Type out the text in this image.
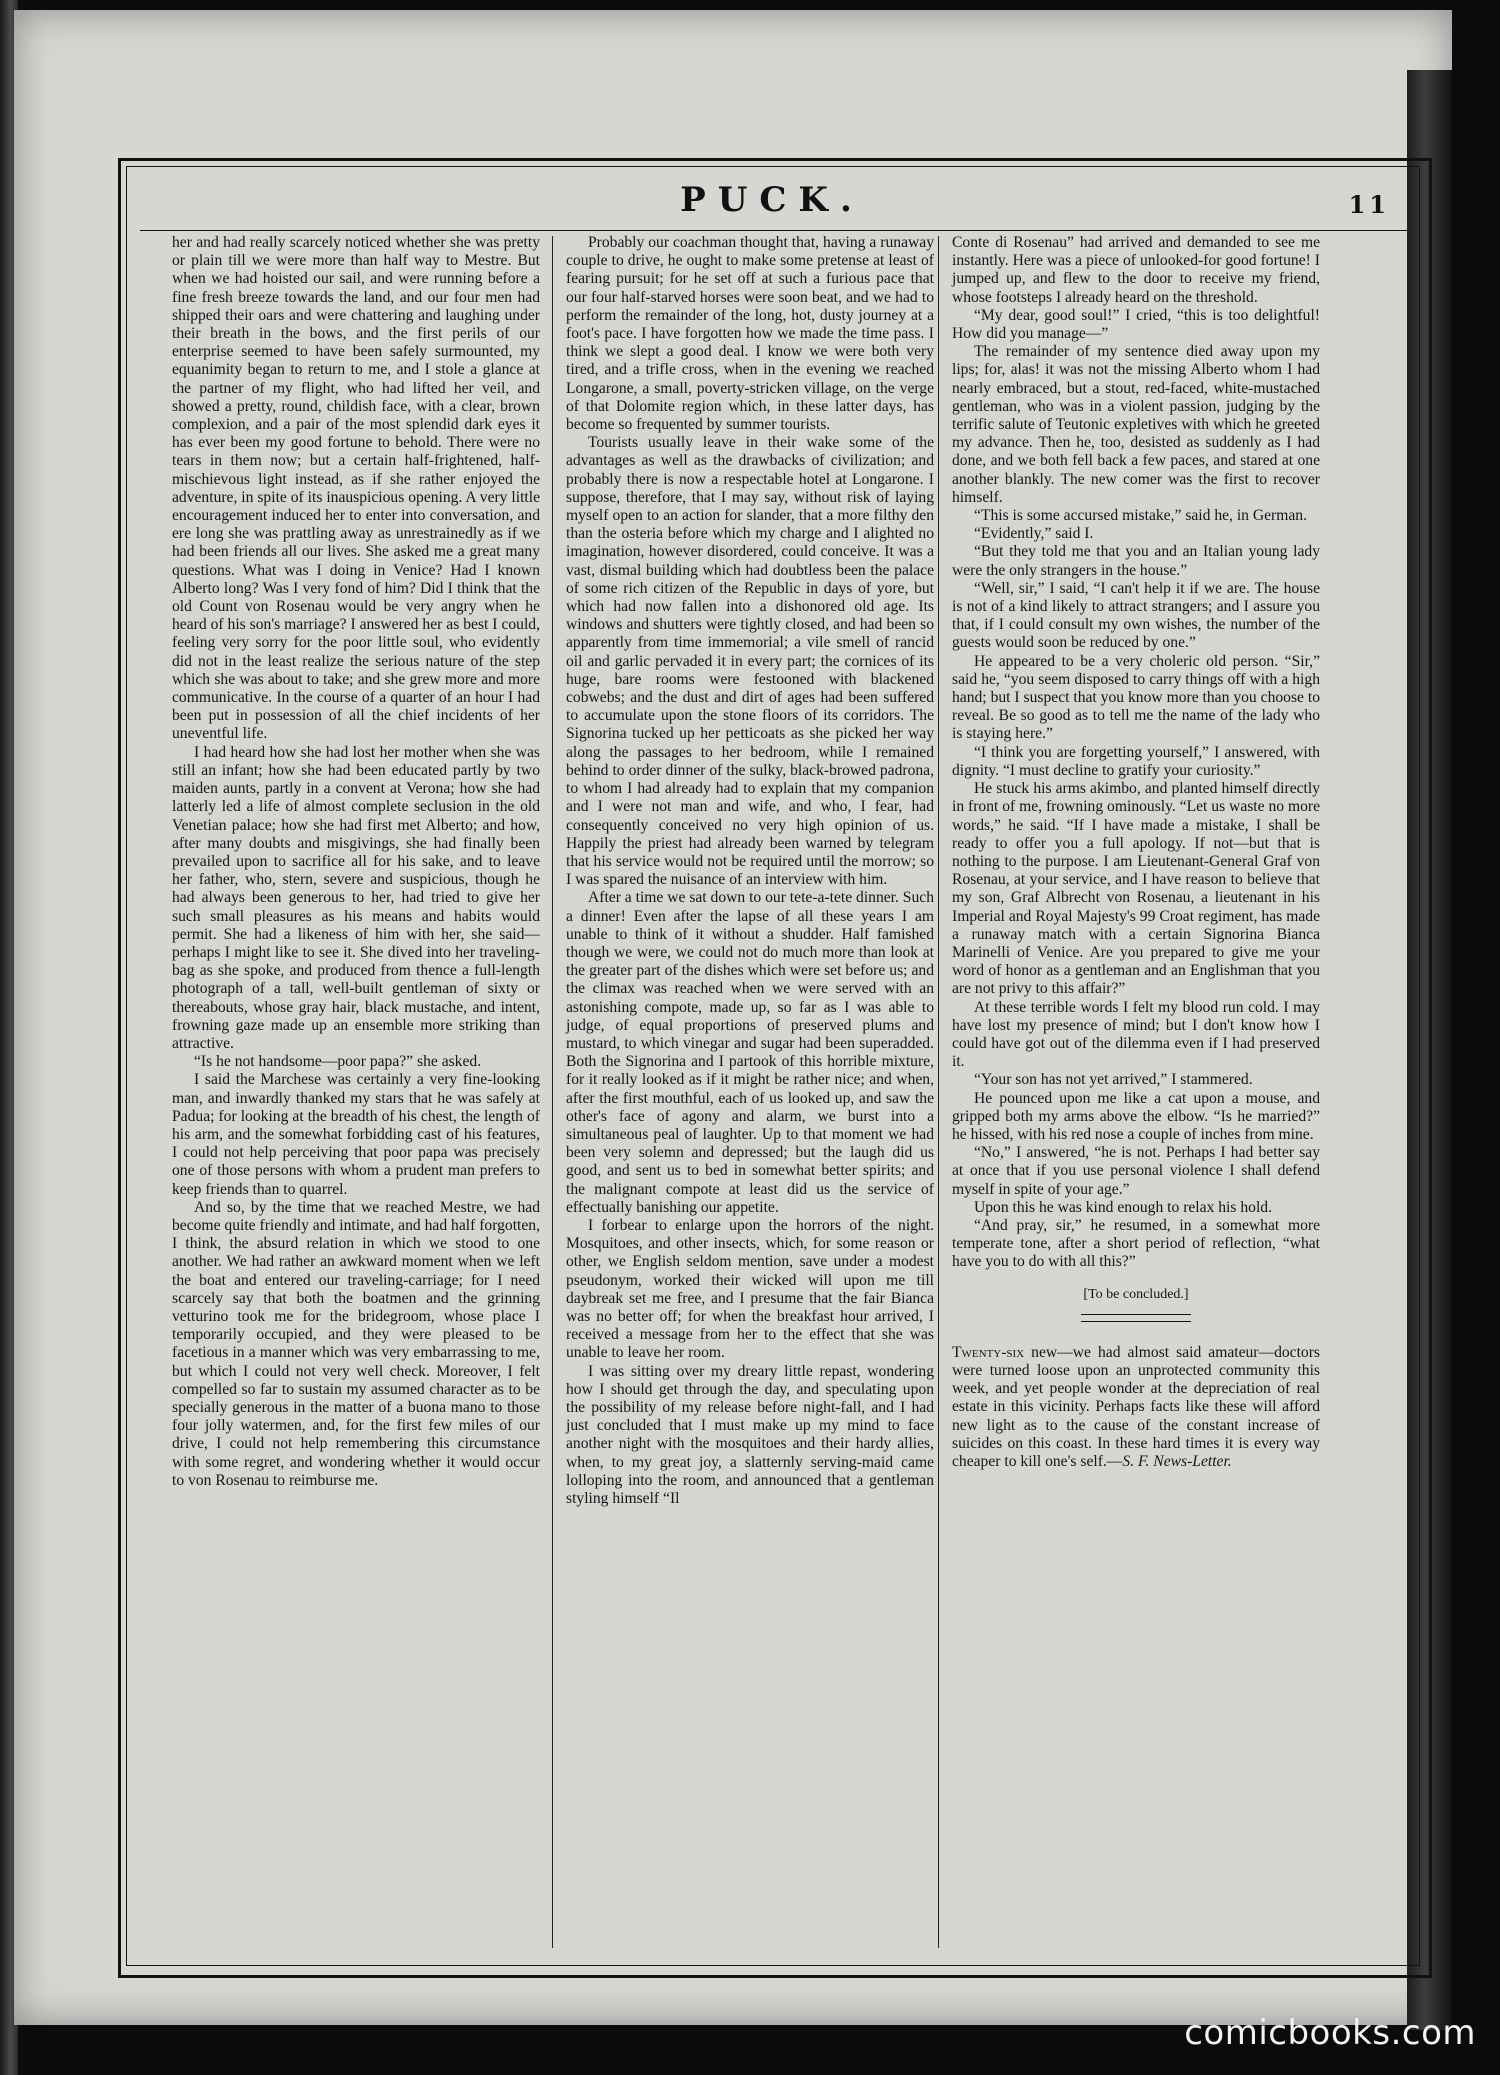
PUCK.	11

her and had really scarcely noticed whether she was pretty or plain till we were more than half way to Mestre. But when we had hoisted our sail, and were running before a fine fresh breeze towards the land, and our four men had shipped their oars and were chattering and laughing under their breath in the bows, and the first perils of our enterprise seemed to have been safely surmounted, my equanimity began to return to me, and I stole a glance at the partner of my flight, who had lifted her veil, and showed a pretty, round, childish face, with a clear, brown complexion, and a pair of the most splendid dark eyes it has ever been my good fortune to behold. There were no tears in them now; but a certain half-frightened, half-mischievous light instead, as if she rather enjoyed the adventure, in spite of its inauspicious opening. A very little encouragement induced her to enter into conversation, and ere long she was prattling away as unrestrainedly as if we had been friends all our lives. She asked me a great many questions. What was I doing in Venice? Had I known Alberto long? Was I very fond of him? Did I think that the old Count von Rosenau would be very angry when he heard of his son's marriage? I answered her as best I could, feeling very sorry for the poor little soul, who evidently did not in the least realize the serious nature of the step which she was about to take; and she grew more and more communicative. In the course of a quarter of an hour I had been put in possession of all the chief incidents of her uneventful life.

I had heard how she had lost her mother when she was still an infant; how she had been educated partly by two maiden aunts, partly in a convent at Verona; how she had latterly led a life of almost complete seclusion in the old Venetian palace; how she had first met Alberto; and how, after many doubts and misgivings, she had finally been prevailed upon to sacrifice all for his sake, and to leave her father, who, stern, severe and suspicious, though he had always been generous to her, had tried to give her such small pleasures as his means and habits would permit. She had a likeness of him with her, she said—perhaps I might like to see it. She dived into her traveling-bag as she spoke, and produced from thence a full-length photograph of a tall, well-built gentleman of sixty or thereabouts, whose gray hair, black mustache, and intent, frowning gaze made up an ensemble more striking than attractive.

“Is he not handsome—poor papa?” she asked.

I said the Marchese was certainly a very fine-looking man, and inwardly thanked my stars that he was safely at Padua; for looking at the breadth of his chest, the length of his arm, and the somewhat forbidding cast of his features, I could not help perceiving that poor papa was precisely one of those persons with whom a prudent man prefers to keep friends than to quarrel.

And so, by the time that we reached Mestre, we had become quite friendly and intimate, and had half forgotten, I think, the absurd relation in which we stood to one another. We had rather an awkward moment when we left the boat and entered our traveling-carriage; for I need scarcely say that both the boatmen and the grinning vetturino took me for the bridegroom, whose place I temporarily occupied, and they were pleased to be facetious in a manner which was very embarrassing to me, but which I could not very well check. Moreover, I felt compelled so far to sustain my assumed character as to be specially generous in the matter of a buona mano to those four jolly watermen, and, for the first few miles of our drive, I could not help remembering this circumstance with some regret, and wondering whether it would occur to von Rosenau to reimburse me.

Probably our coachman thought that, having a runaway couple to drive, he ought to make some pretense at least of fearing pursuit; for he set off at such a furious pace that our four half-starved horses were soon beat, and we had to perform the remainder of the long, hot, dusty journey at a foot's pace. I have forgotten how we made the time pass. I think we slept a good deal. I know we were both very tired, and a trifle cross, when in the evening we reached Longarone, a small, poverty-stricken village, on the verge of that Dolomite region which, in these latter days, has become so frequented by summer tourists.

Tourists usually leave in their wake some of the advantages as well as the drawbacks of civilization; and probably there is now a respectable hotel at Longarone. I suppose, therefore, that I may say, without risk of laying myself open to an action for slander, that a more filthy den than the osteria before which my charge and I alighted no imagination, however disordered, could conceive. It was a vast, dismal building which had doubtless been the palace of some rich citizen of the Republic in days of yore, but which had now fallen into a dishonored old age. Its windows and shutters were tightly closed, and had been so apparently from time immemorial; a vile smell of rancid oil and garlic pervaded it in every part; the cornices of its huge, bare rooms were festooned with blackened cobwebs; and the dust and dirt of ages had been suffered to accumulate upon the stone floors of its corridors. The Signorina tucked up her petticoats as she picked her way along the passages to her bedroom, while I remained behind to order dinner of the sulky, black-browed padrona, to whom I had already had to explain that my companion and I were not man and wife, and who, I fear, had consequently conceived no very high opinion of us. Happily the priest had already been warned by telegram that his service would not be required until the morrow; so I was spared the nuisance of an interview with him.

After a time we sat down to our tete-a-tete dinner. Such a dinner! Even after the lapse of all these years I am unable to think of it without a shudder. Half famished though we were, we could not do much more than look at the greater part of the dishes which were set before us; and the climax was reached when we were served with an astonishing compote, made up, so far as I was able to judge, of equal proportions of preserved plums and mustard, to which vinegar and sugar had been superadded. Both the Signorina and I partook of this horrible mixture, for it really looked as if it might be rather nice; and when, after the first mouthful, each of us looked up, and saw the other's face of agony and alarm, we burst into a simultaneous peal of laughter. Up to that moment we had been very solemn and depressed; but the laugh did us good, and sent us to bed in somewhat better spirits; and the malignant compote at least did us the service of effectually banishing our appetite.

I forbear to enlarge upon the horrors of the night. Mosquitoes, and other insects, which, for some reason or other, we English seldom mention, save under a modest pseudonym, worked their wicked will upon me till daybreak set me free, and I presume that the fair Bianca was no better off; for when the breakfast hour arrived, I received a message from her to the effect that she was unable to leave her room.

I was sitting over my dreary little repast, wondering how I should get through the day, and speculating upon the possibility of my release before night-fall, and I had just concluded that I must make up my mind to face another night with the mosquitoes and their hardy allies, when, to my great joy, a slatternly serving-maid came lolloping into the room, and announced that a gentleman styling himself “Il

Conte di Rosenau” had arrived and demanded to see me instantly. Here was a piece of unlooked-for good fortune! I jumped up, and flew to the door to receive my friend, whose footsteps I already heard on the threshold.

“My dear, good soul!” I cried, “this is too delightful! How did you manage—”

The remainder of my sentence died away upon my lips; for, alas! it was not the missing Alberto whom I had nearly embraced, but a stout, red-faced, white-mustached gentleman, who was in a violent passion, judging by the terrific salute of Teutonic expletives with which he greeted my advance. Then he, too, desisted as suddenly as I had done, and we both fell back a few paces, and stared at one another blankly. The new comer was the first to recover himself.

“This is some accursed mistake,” said he, in German.

“Evidently,” said I.

“But they told me that you and an Italian young lady were the only strangers in the house.”

“Well, sir,” I said, “I can't help it if we are. The house is not of a kind likely to attract strangers; and I assure you that, if I could consult my own wishes, the number of the guests would soon be reduced by one.”

He appeared to be a very choleric old person. “Sir,” said he, “you seem disposed to carry things off with a high hand; but I suspect that you know more than you choose to reveal. Be so good as to tell me the name of the lady who is staying here.”

“I think you are forgetting yourself,” I answered, with dignity. “I must decline to gratify your curiosity.”

He stuck his arms akimbo, and planted himself directly in front of me, frowning ominously. “Let us waste no more words,” he said. “If I have made a mistake, I shall be ready to offer you a full apology. If not—but that is nothing to the purpose. I am Lieutenant-General Graf von Rosenau, at your service, and I have reason to believe that my son, Graf Albrecht von Rosenau, a lieutenant in his Imperial and Royal Majesty's 99 Croat regiment, has made a runaway match with a certain Signorina Bianca Marinelli of Venice. Are you prepared to give me your word of honor as a gentleman and an Englishman that you are not privy to this affair?”

At these terrible words I felt my blood run cold. I may have lost my presence of mind; but I don't know how I could have got out of the dilemma even if I had preserved it.

“Your son has not yet arrived,” I stammered.

He pounced upon me like a cat upon a mouse, and gripped both my arms above the elbow. “Is he married?” he hissed, with his red nose a couple of inches from mine.

“No,” I answered, “he is not. Perhaps I had better say at once that if you use personal violence I shall defend myself in spite of your age.”

Upon this he was kind enough to relax his hold.

“And pray, sir,” he resumed, in a somewhat more temperate tone, after a short period of reflection, “what have you to do with all this?”

[To be concluded.]

Twenty-six new—we had almost said amateur—doctors were turned loose upon an unprotected community this week, and yet people wonder at the depreciation of real estate in this vicinity. Perhaps facts like these will afford new light as to the cause of the constant increase of suicides on this coast. In these hard times it is every way cheaper to kill one's self.—S. F. News-Letter.

comicbooks.com
